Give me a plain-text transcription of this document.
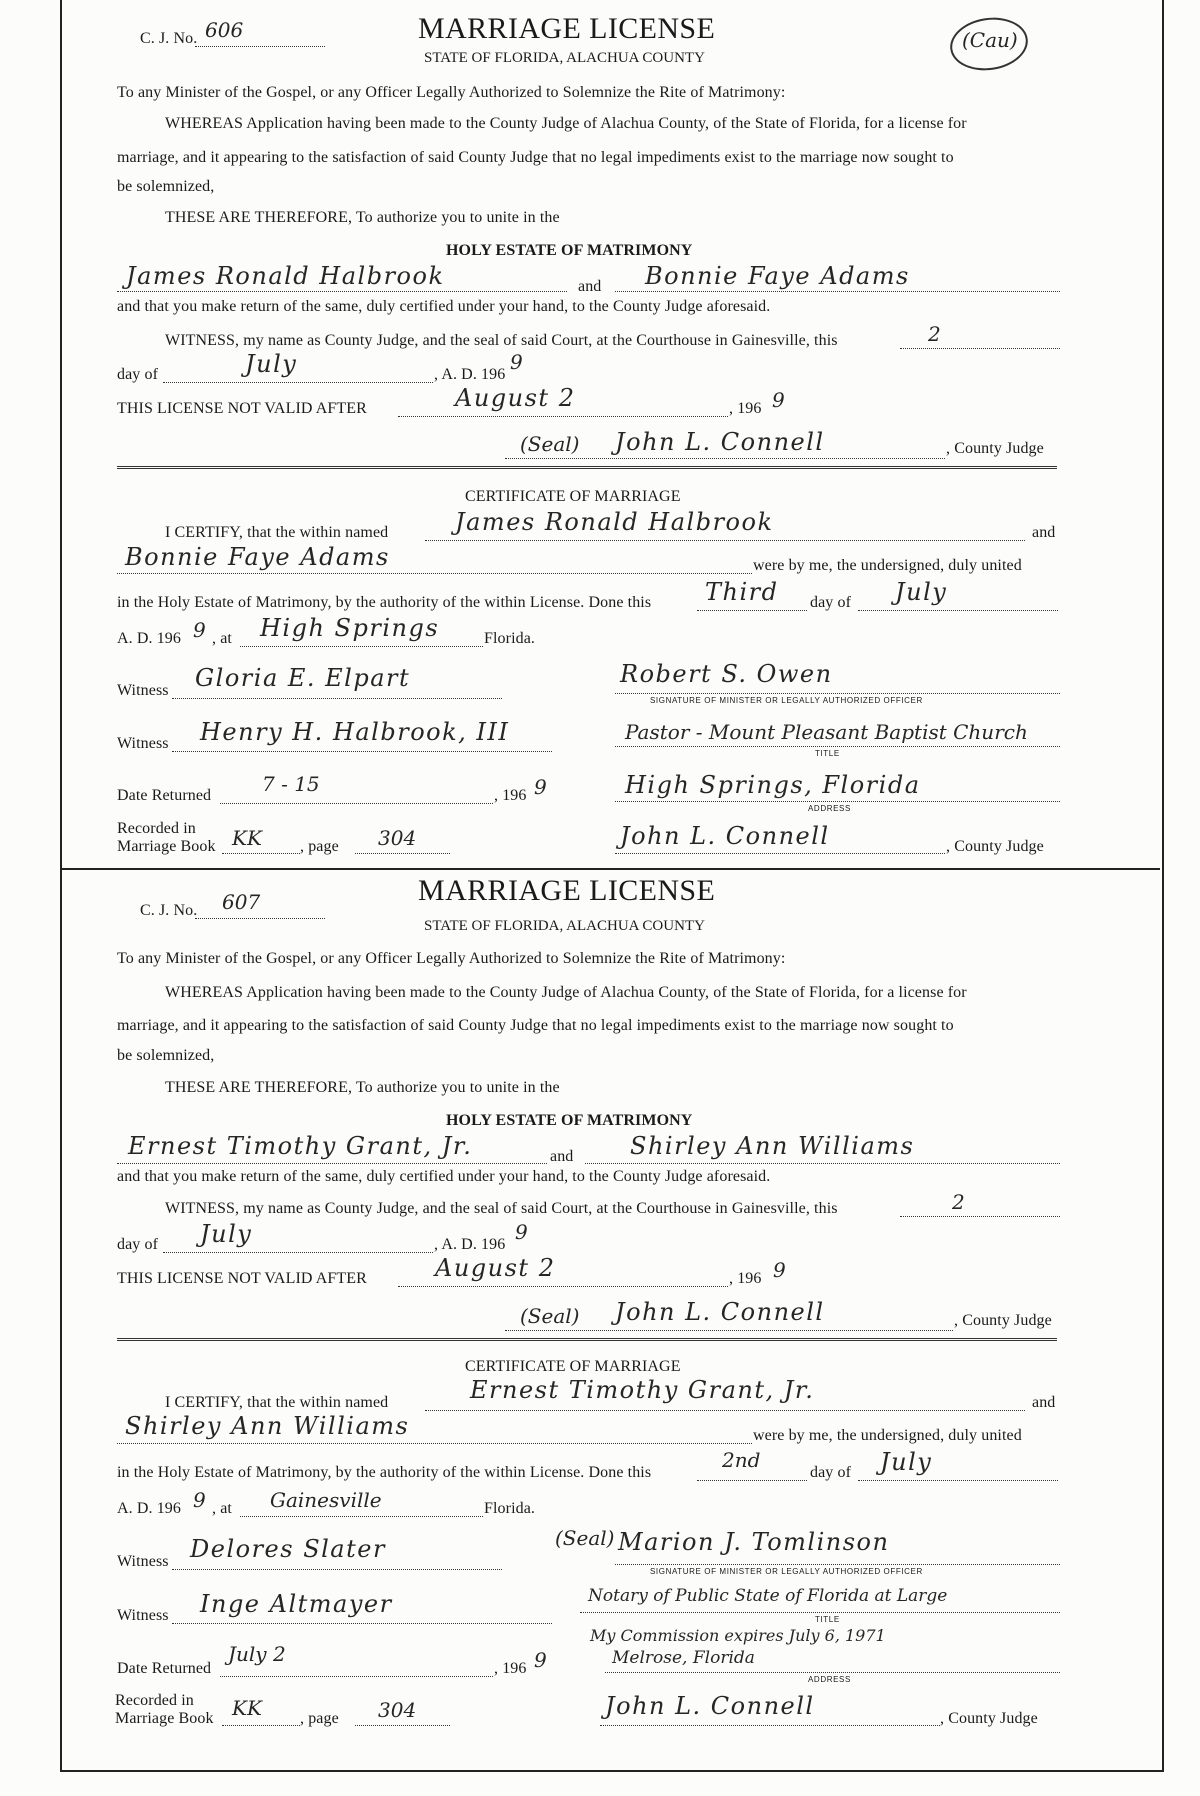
C. J. No. 606	MARRIAGE LICENSE
STATE OF FLORIDA, ALACHUA COUNTY
(Cau)
To any Minister of the Gospel, or any Officer Legally Authorized to Solemnize the Rite of Matrimony:
WHEREAS Application having been made to the County Judge of Alachua County, of the State of Florida, for a license for
marriage, and it appearing to the satisfaction of said County Judge that no legal impediments exist to the marriage now sought to
be solemnized,
THESE ARE THEREFORE, To authorize you to unite in the
HOLY ESTATE OF MATRIMONY
James Ronald Halbrook	and Bonnie Faye Adams
and that you make return of the same, duly certified under your hand, to the County Judge aforesaid.
WITNESS, my name as County Judge, and the seal of said Court, at the Courthouse in Gainesville, this	2
day of	July	, A. D. 196
9
THIS LICENSE NOT VALID AFTER	August 2	, 196 9
(Seal) John L. Connell	, County Judge
CERTIFICATE OF MARRIAGE
I CERTIFY, that the within named	James Ronald Halbrook	and
Bonnie Faye Adams	were by me, the undersigned, duly united
in the Holy Estate of Matrimony, by the authority of the within License. Done this Third day of July
A. D. 196 9 , at High Springs	Florida.
Witness Gloria E. Elpart	Robert S. Owen
SIGNATURE OF MINISTER OR LEGALLY AUTHORIZED OFFICER
Witness Henry H. Halbrook, III	Pastor - Mount Pleasant Baptist Church
TITLE
Date Returned	7 - 15	, 196 9	High Springs, Florida
ADDRESS
Recorded in
Marriage Book KK , page 304	John L. Connell	, County Judge
C. J. No. 607	MARRIAGE LICENSE
STATE OF FLORIDA, ALACHUA COUNTY
To any Minister of the Gospel, or any Officer Legally Authorized to Solemnize the Rite of Matrimony:
WHEREAS Application having been made to the County Judge of Alachua County, of the State of Florida, for a license for
marriage, and it appearing to the satisfaction of said County Judge that no legal impediments exist to the marriage now sought to
be solemnized,
THESE ARE THEREFORE, To authorize you to unite in the
HOLY ESTATE OF MATRIMONY
Ernest Timothy Grant, Jr.	and Shirley Ann Williams
and that you make return of the same, duly certified under your hand, to the County Judge aforesaid.
WITNESS, my name as County Judge, and the seal of said Court, at the Courthouse in Gainesville, this	2
day of July	, A. D. 196
9
THIS LICENSE NOT VALID AFTER	August 2	, 196 9
(Seal) John L. Connell	, County Judge
CERTIFICATE OF MARRIAGE
I CERTIFY, that the within named	Ernest Timothy Grant, Jr.	and
Shirley Ann Williams	were by me, the undersigned, duly united
in the Holy Estate of Matrimony, by the authority of the within License. Done this
2nd
day of July
A. D. 196 9 , at Gainesville	Florida.
Witness Delores Slater	(Seal) Marion J. Tomlinson
SIGNATURE OF MINISTER OR LEGALLY AUTHORIZED OFFICER
Witness Inge Altmayer	Notary of Public State of Florida at Large
TITLE
My Commission expires July 6, 1971
Date Returned
July 2
, 196 9	Melrose, Florida
ADDRESS
Recorded in
Marriage Book KK , page 304	John L. Connell	, County Judge
